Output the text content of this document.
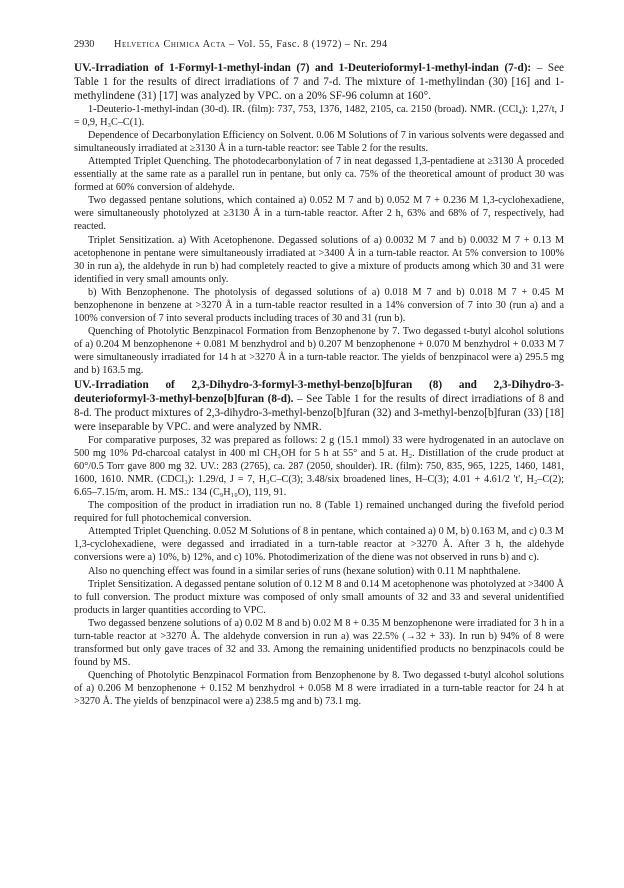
2930	Helvetica Chimica Acta – Vol. 55, Fasc. 8 (1972) – Nr. 294
UV.-Irradiation of 1-Formyl-1-methyl-indan (7) and 1-Deuterioformyl-1-methyl-indan (7-d): – See Table 1 for the results of direct irradiations of 7 and 7-d. The mixture of 1-methylindan (30) [16] and 1-methylindene (31) [17] was analyzed by VPC. on a 20% SF-96 column at 160°.

1-Deuterio-1-methyl-indan (30-d). IR. (film): 737, 753, 1376, 1482, 2105, ca. 2150 (broad). NMR. (CCl₄): 1,27/t, J = 0,9, H₃C–C(1).

Dependence of Decarbonylation Efficiency on Solvent. 0.06 M Solutions of 7 in various solvents were degassed and simultaneously irradiated at ≥3130 Å in a turn-table reactor: see Table 2 for the results.

Attempted Triplet Quenching. The photodecarbonylation of 7 in neat degassed 1,3-pentadiene at ≥3130 Å proceded essentially at the same rate as a parallel run in pentane, but only ca. 75% of the theoretical amount of product 30 was formed at 60% conversion of aldehyde.

Two degassed pentane solutions, which contained a) 0.052 M 7 and b) 0.052 M 7 + 0.236 M 1,3-cyclohexadiene, were simultaneously photolyzed at ≥3130 Å in a turn-table reactor. After 2 h, 63% and 68% of 7, respectively, had reacted.

Triplet Sensitization. a) With Acetophenone. Degassed solutions of a) 0.0032 M 7 and b) 0.0032 M 7 + 0.13 M acetophenone in pentane were simultaneously irradiated at >3400 Å in a turn-table reactor. At 5% conversion to 100% 30 in run a), the aldehyde in run b) had completely reacted to give a mixture of products among which 30 and 31 were identified in very small amounts only.

b) With Benzophenone. The photolysis of degassed solutions of a) 0.018 M 7 and b) 0.018 M 7 + 0.45 M benzophenone in benzene at >3270 Å in a turn-table reactor resulted in a 14% conversion of 7 into 30 (run a) and a 100% conversion of 7 into several products including traces of 30 and 31 (run b).

Quenching of Photolytic Benzpinacol Formation from Benzophenone by 7. Two degassed t-butyl alcohol solutions of a) 0.204 M benzophenone + 0.081 M benzhydrol and b) 0.207 M benzophenone + 0.070 M benzhydrol + 0.033 M 7 were simultaneously irradiated for 14 h at >3270 Å in a turn-table reactor. The yields of benzpinacol were a) 295.5 mg and b) 163.5 mg.

UV.-Irradiation of 2,3-Dihydro-3-formyl-3-methyl-benzo[b]furan (8) and 2,3-Dihydro-3-deuterioformyl-3-methyl-benzo[b]furan (8-d). – See Table 1 for the results of direct irradiations of 8 and 8-d. The product mixtures of 2,3-dihydro-3-methyl-benzo[b]furan (32) and 3-methyl-benzo[b]furan (33) [18] were inseparable by VPC. and were analyzed by NMR.

For comparative purposes, 32 was prepared as follows: 2 g (15.1 mmol) 33 were hydrogenated in an autoclave on 500 mg 10% Pd-charcoal catalyst in 400 ml CH₃OH for 5 h at 55° and 5 at. H₂. Distillation of the crude product at 60°/0.5 Torr gave 800 mg 32. UV.: 283 (2765), ca. 287 (2050, shoulder). IR. (film): 750, 835, 965, 1225, 1460, 1481, 1600, 1610. NMR. (CDCl₃): 1.29/d, J = 7, H₃C–C(3); 3.48/six broadened lines, H–C(3); 4.01 + 4.61/2 't', H₂–C(2); 6.65–7.15/m, arom. H. MS.: 134 (C₉H₁₀O), 119, 91.

The composition of the product in irradiation run no. 8 (Table 1) remained unchanged during the fivefold period required for full photochemical conversion.

Attempted Triplet Quenching. 0.052 M Solutions of 8 in pentane, which contained a) 0 M, b) 0.163 M, and c) 0.3 M 1,3-cyclohexadiene, were degassed and irradiated in a turn-table reactor at >3270 Å. After 3 h, the aldehyde conversions were a) 10%, b) 12%, and c) 10%. Photodimerization of the diene was not observed in runs b) and c).

Also no quenching effect was found in a similar series of runs (hexane solution) with 0.11 M naphthalene.

Triplet Sensitization. A degassed pentane solution of 0.12 M 8 and 0.14 M acetophenone was photolyzed at >3400 Å to full conversion. The product mixture was composed of only small amounts of 32 and 33 and several unidentified products in larger quantities according to VPC.

Two degassed benzene solutions of a) 0.02 M 8 and b) 0.02 M 8 + 0.35 M benzophenone were irradiated for 3 h in a turn-table reactor at >3270 Å. The aldehyde conversion in run a) was 22.5% (→32 + 33). In run b) 94% of 8 were transformed but only gave traces of 32 and 33. Among the remaining unidentified products no benzpinacols could be found by MS.

Quenching of Photolytic Benzpinacol Formation from Benzophenone by 8. Two degassed t-butyl alcohol solutions of a) 0.206 M benzophenone + 0.152 M benzhydrol + 0.058 M 8 were irradiated in a turn-table reactor for 24 h at >3270 Å. The yields of benzpinacol were a) 238.5 mg and b) 73.1 mg.
